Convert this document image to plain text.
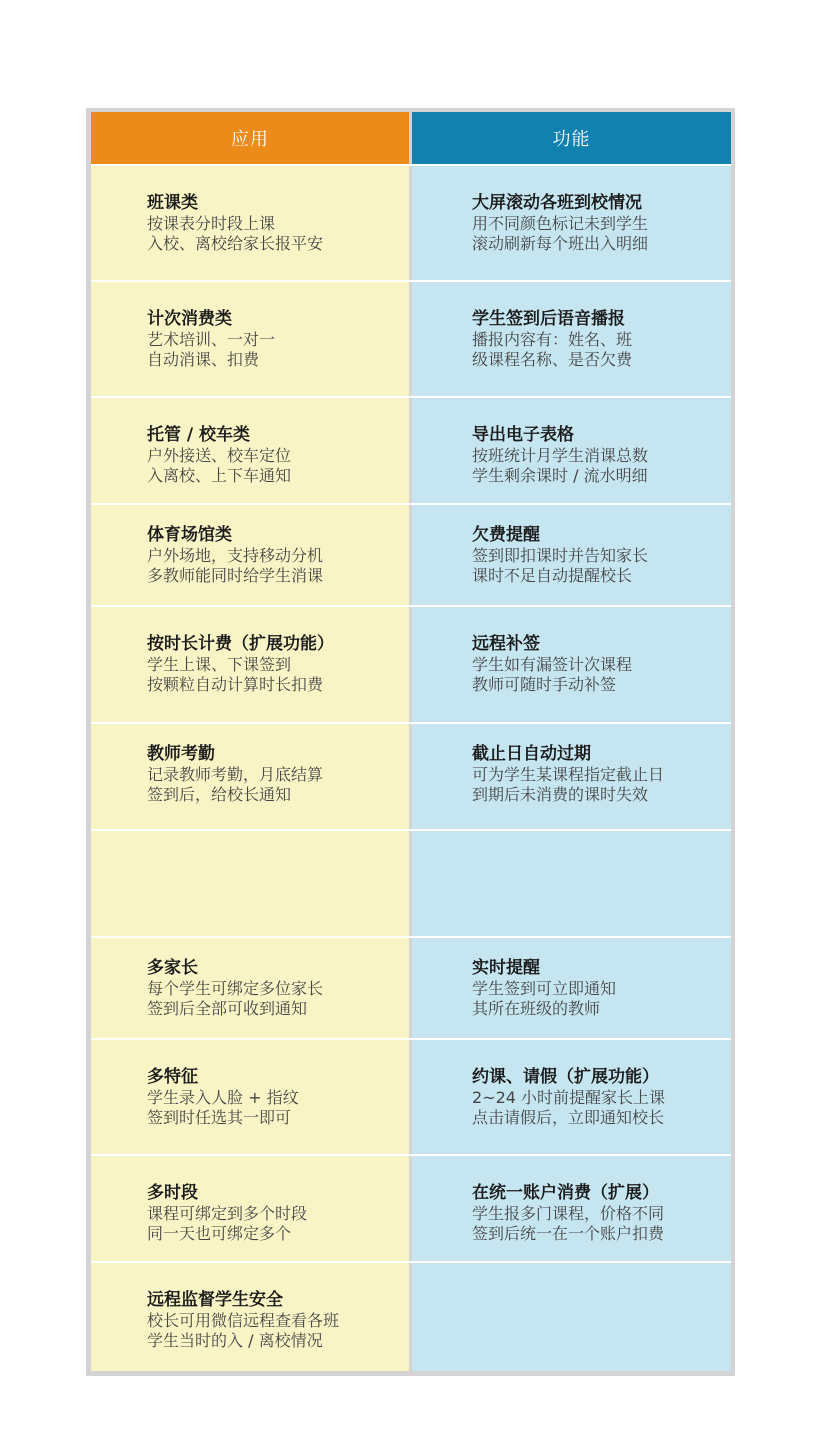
应用	功能
班课类
按课表分时段上课
入校、离校给家长报平安
大屏滚动各班到校情况
用不同颜色标记未到学生
滚动刷新每个班出入明细
计次消费类
艺术培训、一对一
自动消课、扣费
学生签到后语音播报
播报内容有：姓名、班
级课程名称、是否欠费
托管 / 校车类
户外接送、校车定位
入离校、上下车通知
导出电子表格
按班统计月学生消课总数
学生剩余课时 / 流水明细
体育场馆类
户外场地，支持移动分机
多教师能同时给学生消课
欠费提醒
签到即扣课时并告知家长
课时不足自动提醒校长
按时长计费（扩展功能）
学生上课、下课签到
按颗粒自动计算时长扣费
远程补签
学生如有漏签计次课程
教师可随时手动补签
教师考勤
记录教师考勤，月底结算
签到后，给校长通知
截止日自动过期
可为学生某课程指定截止日
到期后未消费的课时失效
多家长
每个学生可绑定多位家长
签到后全部可收到通知
实时提醒
学生签到可立即通知
其所在班级的教师
多特征
学生录入人脸 + 指纹
签到时任选其一即可
约课、请假（扩展功能）
2~24 小时前提醒家长上课
点击请假后，立即通知校长
多时段
课程可绑定到多个时段
同一天也可绑定多个
在统一账户消费（扩展）
学生报多门课程，价格不同
签到后统一在一个账户扣费
远程监督学生安全
校长可用微信远程查看各班
学生当时的入 / 离校情况
